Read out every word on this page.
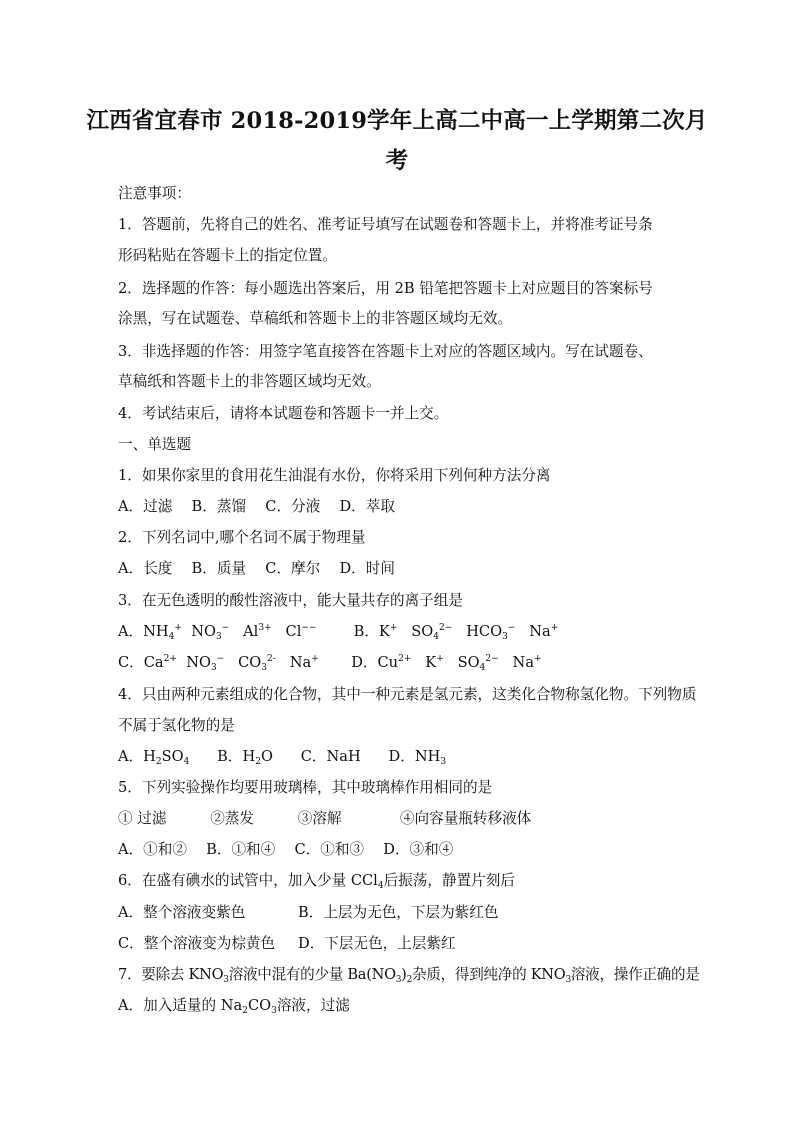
江西省宜春市 2018-2019学年上高二中高一上学期第二次月
考
注意事项：
1．答题前，先将自己的姓名、准考证号填写在试题卷和答题卡上，并将准考证号条
形码粘贴在答题卡上的指定位置。
2．选择题的作答：每小题选出答案后，用 2B 铅笔把答题卡上对应题目的答案标号
涂黑，写在试题卷、草稿纸和答题卡上的非答题区域均无效。
3．非选择题的作答：用签字笔直接答在答题卡上对应的答题区域内。写在试题卷、
草稿纸和答题卡上的非答题区域均无效。
4．考试结束后，请将本试题卷和答题卡一并上交。
一、单选题
1．如果你家里的食用花生油混有水份，你将采用下列何种方法分离
A．过滤　 B．蒸馏　 C．分液　 D．萃取
2．下列名词中,哪个名词不属于物理量
A．长度　 B．质量　 C．摩尔　 D．时间
3．在无色透明的酸性溶液中，能大量共存的离子组是
A．$NH_4^+$  $NO_3^-$   $Al^{3+}$   Cl−−        B．K+   $SO_4^{2-}$   $HCO_3^-$   Na+
C．$Ca^{2+}$  $NO_3^-$   $CO_3^{2-}$   Na+       D．$Cu^{2+}$   K+   $SO_4^{2-}$   Na+
4．只由两种元素组成的化合物，其中一种元素是氢元素，这类化合物称氢化物。下列物质
不属于氢化物的是
A．$H_2SO_4$      B．$H_2O$      C．NaH      D．$NH_3$
5．下列实验操作均要用玻璃棒，其中玻璃棒作用相同的是
① 过滤　　　②蒸发　　　③溶解　　　　④向容量瓶转移液体
A．①和②　 B．①和④　 C．①和③　 D．③和④
6．在盛有碘水的试管中，加入少量 CCl$_4$后振荡，静置片刻后
A．整个溶液变紫色	B．上层为无色，下层为紫红色
C．整个溶液变为棕黄色 D．下层无色，上层紫红
7．要除去 $KNO_3$溶液中混有的少量 $Ba(NO_3)_2$杂质，得到纯净的 $KNO_3$溶液，操作正确的是
A．加入适量的 $Na_2CO_3$溶液，过滤
